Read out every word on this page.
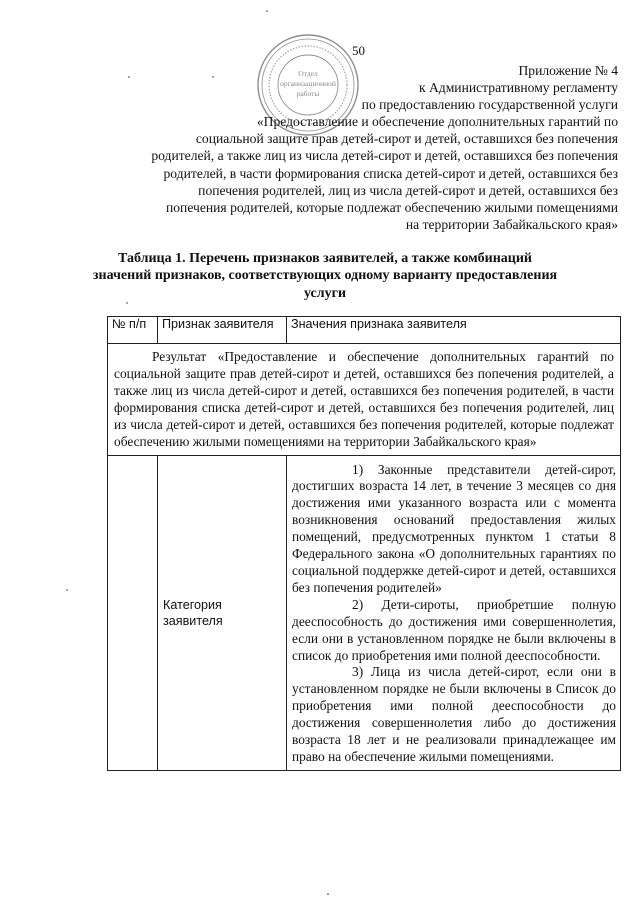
50
Отдел
организационной
работы
Приложение № 4
к Административному регламенту
по предоставлению государственной услуги
«Предоставление и обеспечение дополнительных гарантий по
социальной защите прав детей-сирот и детей, оставшихся без попечения
родителей, а также лиц из числа детей-сирот и детей, оставшихся без попечения
родителей, в части формирования списка детей-сирот и детей, оставшихся без
попечения родителей, лиц из числа детей-сирот и детей, оставшихся без
попечения родителей, которые подлежат обеспечению жилыми помещениями
на территории Забайкальского края»
Таблица 1. Перечень признаков заявителей, а также комбинаций значений признаков, соответствующих одному варианту предоставления услуги
№ п/п	Признак заявителя	Значения признака заявителя
Результат «Предоставление и обеспечение дополнительных гарантий по социальной защите прав детей-сирот и детей, оставшихся без попечения родителей, а также лиц из числа детей-сирот и детей, оставшихся без попечения родителей, в части формирования списка детей-сирот и детей, оставшихся без попечения родителей, лиц из числа детей-сирот и детей, оставшихся без попечения родителей, которые подлежат обеспечению жилыми помещениями на территории Забайкальского края»		
	Категория заявителя	1) Законные представители детей-сирот, достигших возраста 14 лет, в течение 3 месяцев со дня достижения ими указанного возраста или с момента возникновения оснований предоставления жилых помещений, предусмотренных пунктом 1 статьи 8 Федерального закона «О дополнительных гарантиях по социальной поддержке детей-сирот и детей, оставшихся без попечения родителей»

2) Дети-сироты, приобретшие полную дееспособность до достижения ими совершеннолетия, если они в установленном порядке не были включены в список до приобретения ими полной дееспособности.

3) Лица из числа детей-сирот, если они в установленном порядке не были включены в Список до приобретения ими полной дееспособности до достижения совершеннолетия либо до достижения возраста 18 лет и не реализовали принадлежащее им право на обеспечение жилыми помещениями.
